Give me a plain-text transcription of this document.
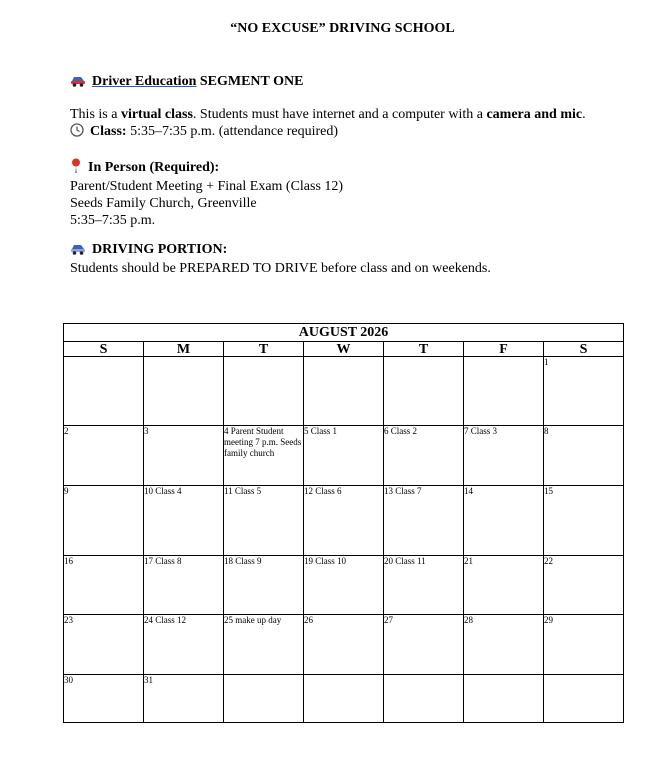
“NO EXCUSE” DRIVING SCHOOL
Driver Education SEGMENT ONE
This is a virtual class. Students must have internet and a computer with a camera and mic.
Class: 5:35–7:35 p.m. (attendance required)
In Person (Required):
Parent/Student Meeting + Final Exam (Class 12)
Seeds Family Church, Greenville
5:35–7:35 p.m.
DRIVING PORTION:
Students should be PREPARED TO DRIVE before class and on weekends.
AUGUST 2026						
S	M	T	W	T	F	S
						1
2	3	4 Parent Student meeting 7 p.m. Seeds family church	5 Class 1	6 Class 2	7 Class 3	8
9	10 Class 4	11 Class 5	12 Class 6	13 Class 7	14	15
16	17 Class 8	18 Class 9	19 Class 10	20 Class 11	21	22
23	24 Class 12	25 make up day	26	27	28	29
30	31					
